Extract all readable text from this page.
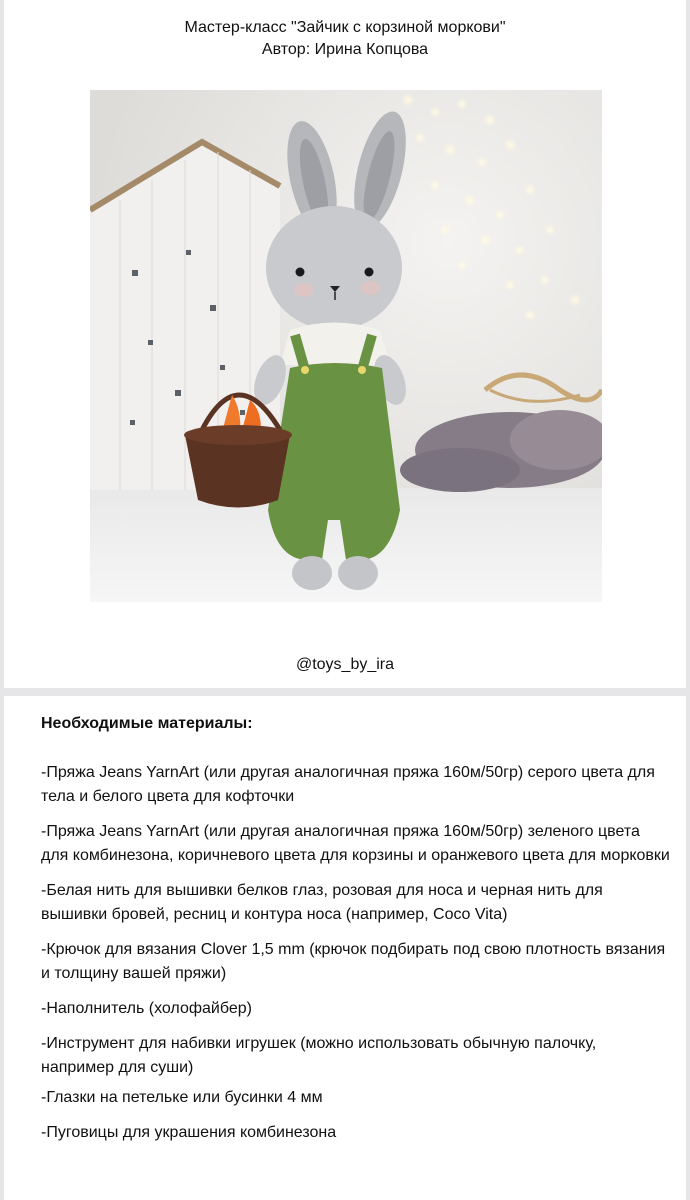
Мастер-класс "Зайчик с корзиной моркови"
Автор: Ирина Копцова
@toys_by_ira
Необходимые материалы:
-Пряжа Jeans YarnArt (или другая аналогичная пряжа 160м/50гр) серого цвета для тела и белого цвета для кофточки
-Пряжа Jeans YarnArt (или другая аналогичная пряжа 160м/50гр) зеленого цвета для комбинезона, коричневого цвета для корзины и оранжевого цвета для морковки
-Белая нить для вышивки белков глаз, розовая для носа и черная нить для вышивки бровей, ресниц и контура носа (например, Coco Vita)
-Крючок для вязания Clover 1,5 mm (крючок подбирать под свою плотность вязания и толщину вашей пряжи)
-Наполнитель (холофайбер)
-Инструмент для набивки игрушек (можно использовать обычную палочку, например для суши)
-Глазки на петельке или бусинки 4 мм
-Пуговицы для украшения комбинезона
